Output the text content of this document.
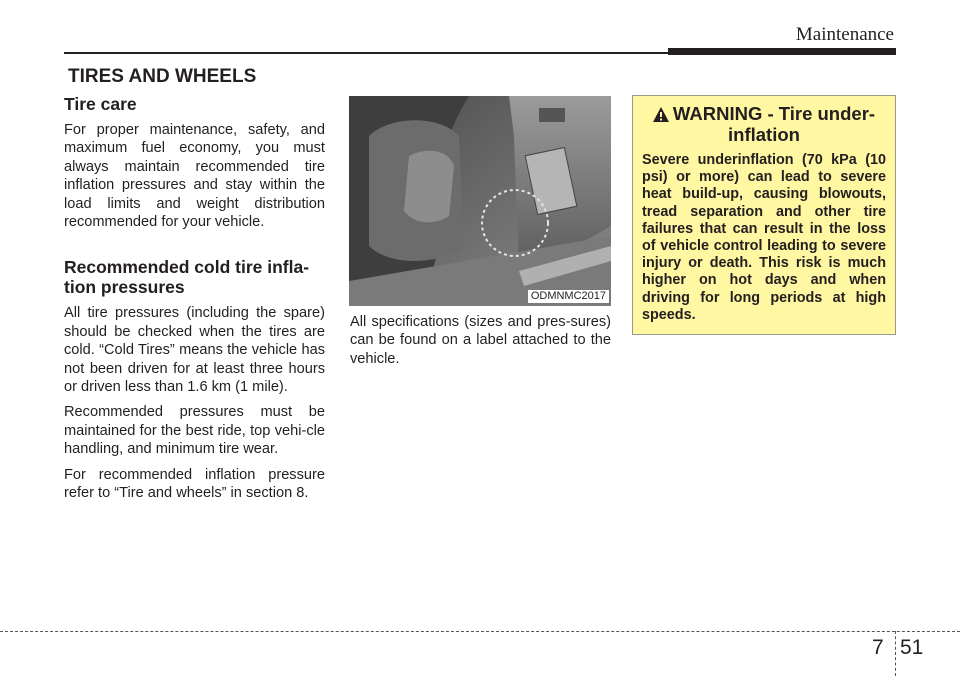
Maintenance
TIRES AND WHEELS
Tire care

For proper maintenance, safety, and maximum fuel economy, you must always maintain recommended tire inflation pressures and stay within the load limits and weight distribution recommended for your vehicle.

Recommended cold tire infla-
tion pressures

All tire pressures (including the spare) should be checked when the tires are cold. “Cold Tires” means the vehicle has not been driven for at least three hours or driven less than 1.6 km (1 mile).

Recommended pressures must be maintained for the best ride, top vehi-cle handling, and minimum tire wear.

For recommended inflation pressure refer to “Tire and wheels” in section 8.

ODMNMC2017

All specifications (sizes and pres-sures) can be found on a label attached to the vehicle.

WARNING - Tire under-
inflation

Severe underinflation (70 kPa (10 psi) or more) can lead to severe heat build-up, causing blowouts, tread separation and other tire failures that can result in the loss of vehicle control leading to severe injury or death. This risk is much higher on hot days and when driving for long periods at high speeds.

7 51
